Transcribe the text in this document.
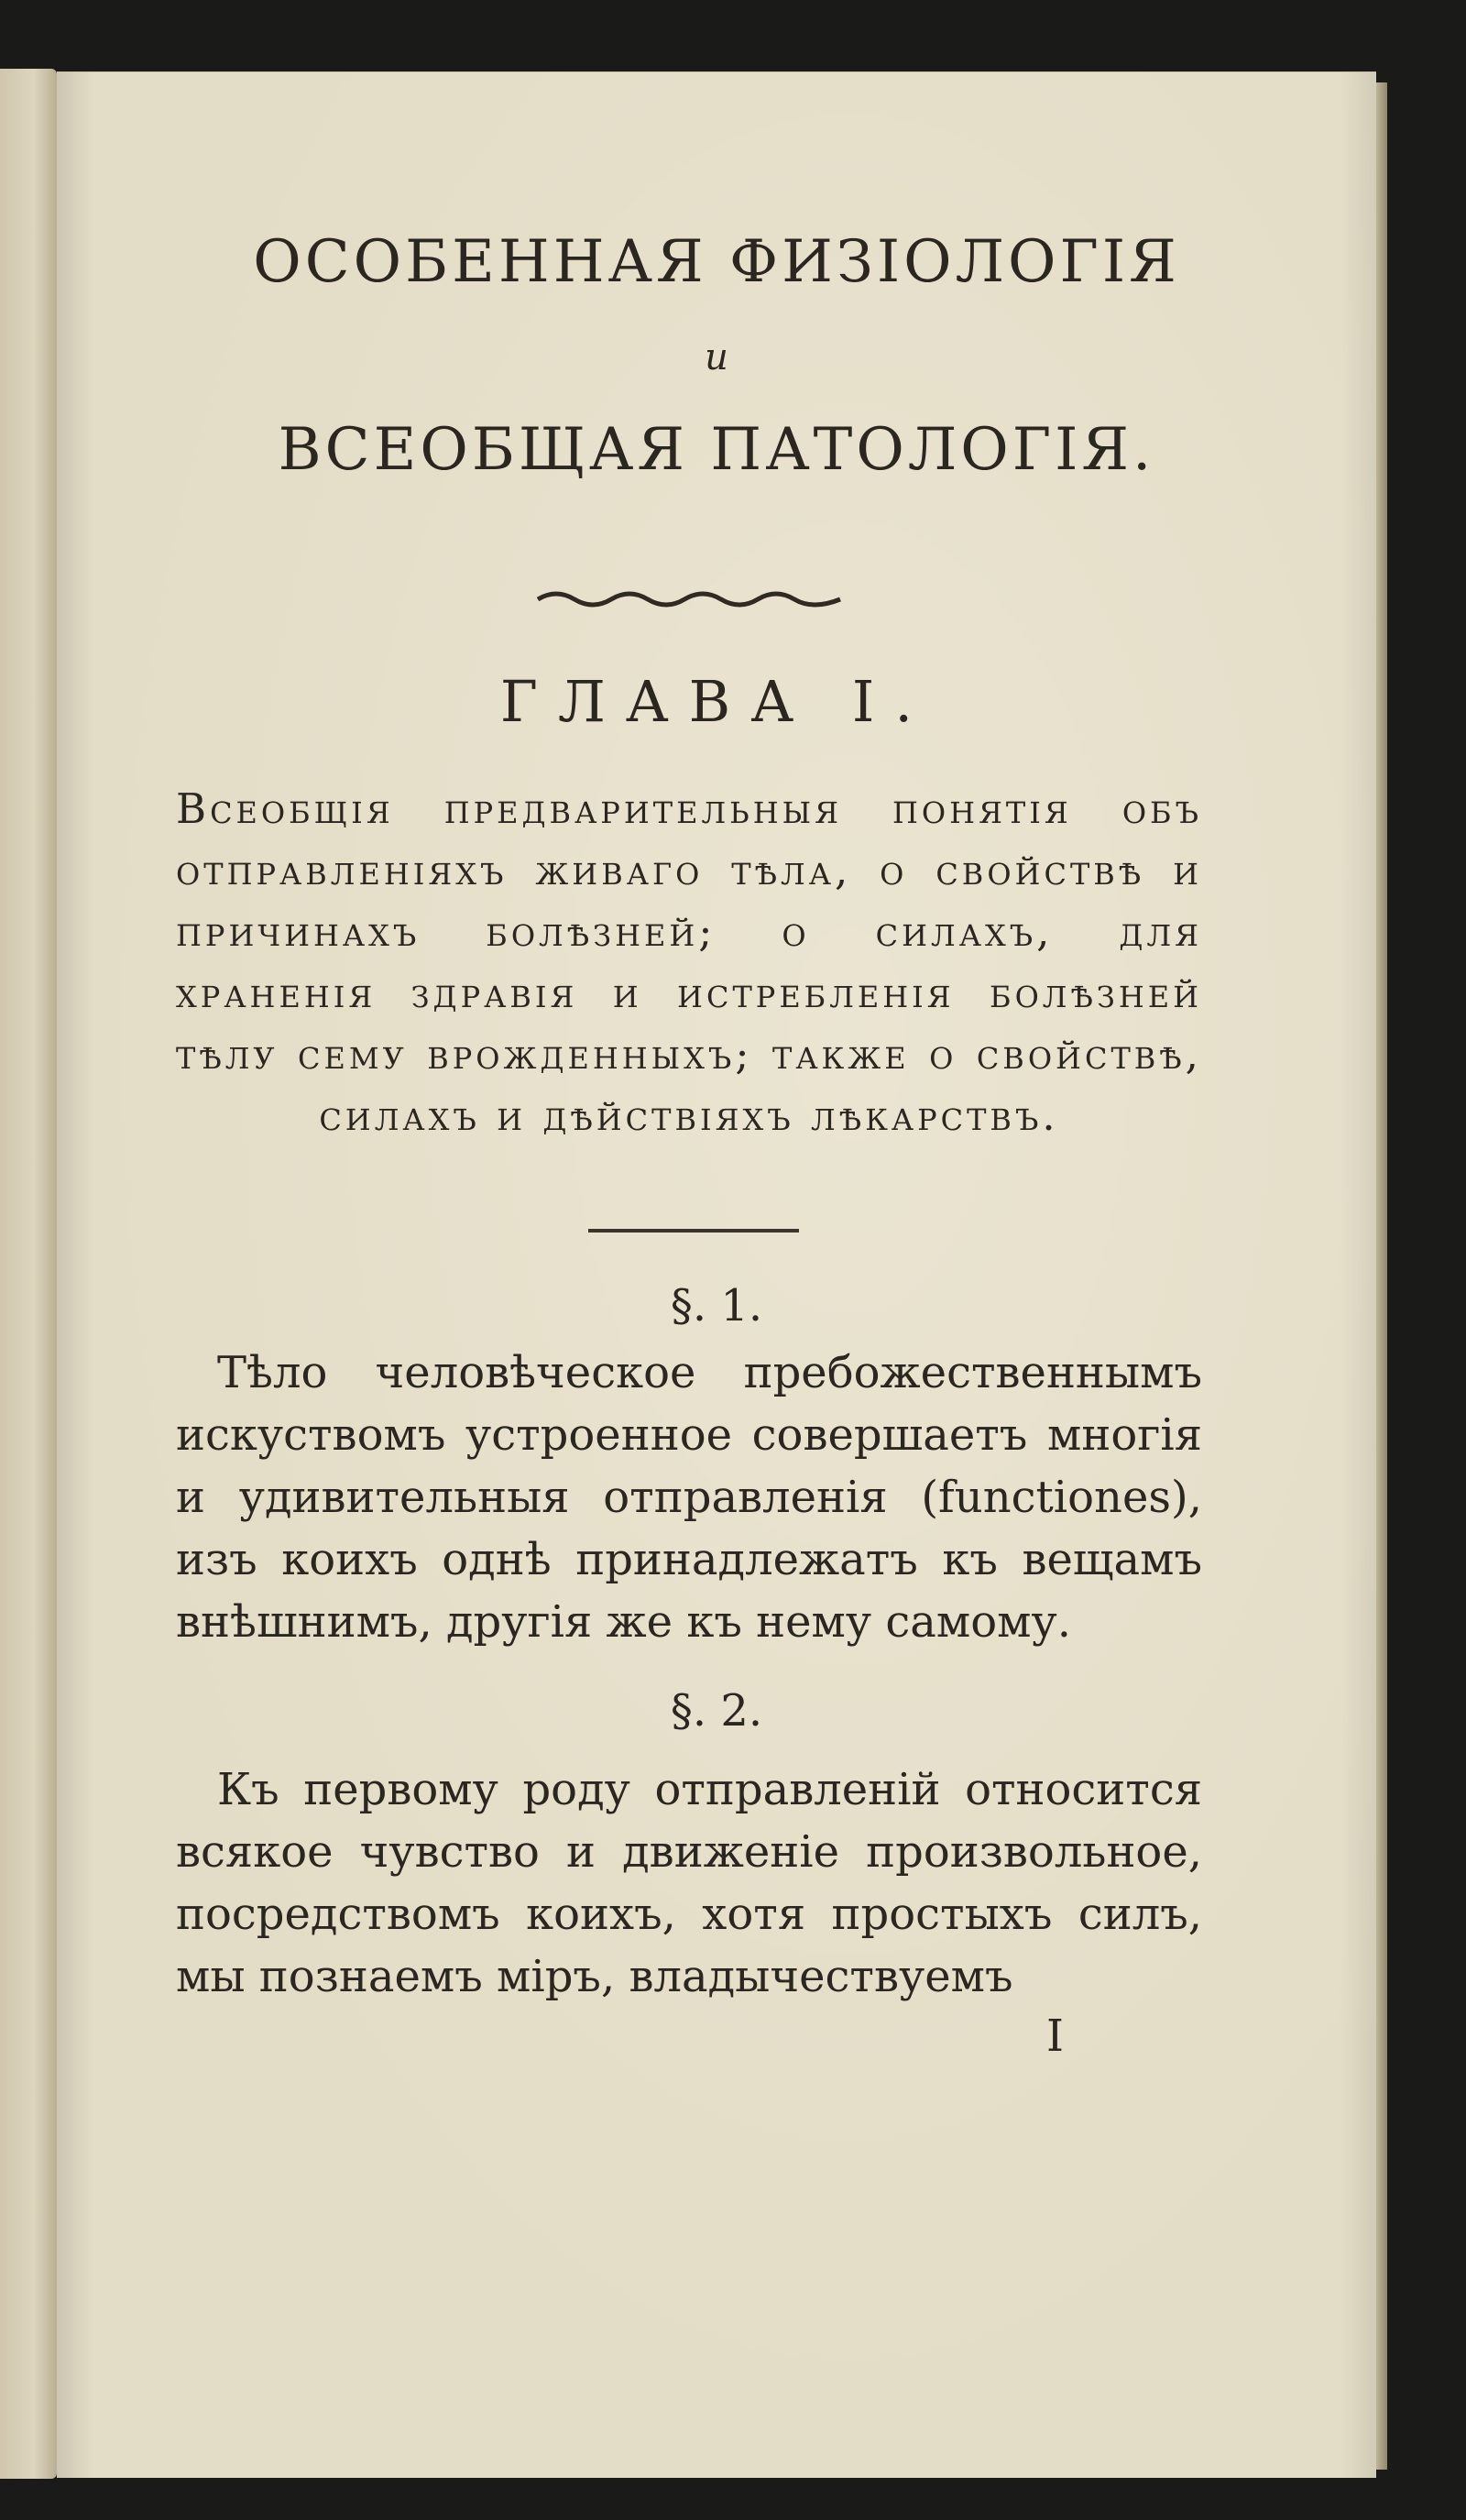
ОСОБЕННАЯ ФИЗІОЛОГІЯ
и
ВСЕОБЩАЯ ПАТОЛОГІЯ.
ГЛАВА I.
Всеобщія предварительныя понятія объ отправленіяхъ живаго тѣла, о свойствѣ и причинахъ болѣзней; о силахъ, для храненія здравія и истребленія болѣзней тѣлу сему врожденныхъ; также о свойствѣ, силахъ и дѣйствіяхъ лѣкарствъ.
§. 1.
Тѣло человѣческое пребожественнымъ искуствомъ устроенное совершаетъ многія и удивительныя отправленія (functiones), изъ коихъ однѣ принадлежатъ къ вещамъ внѣшнимъ, другія же къ нему самому.
§. 2.
Къ первому роду отправленій относится всякое чувство и движеніе произвольное, посредствомъ коихъ, хотя простыхъ силъ, мы познаемъ міръ, владычествуемъ
I
